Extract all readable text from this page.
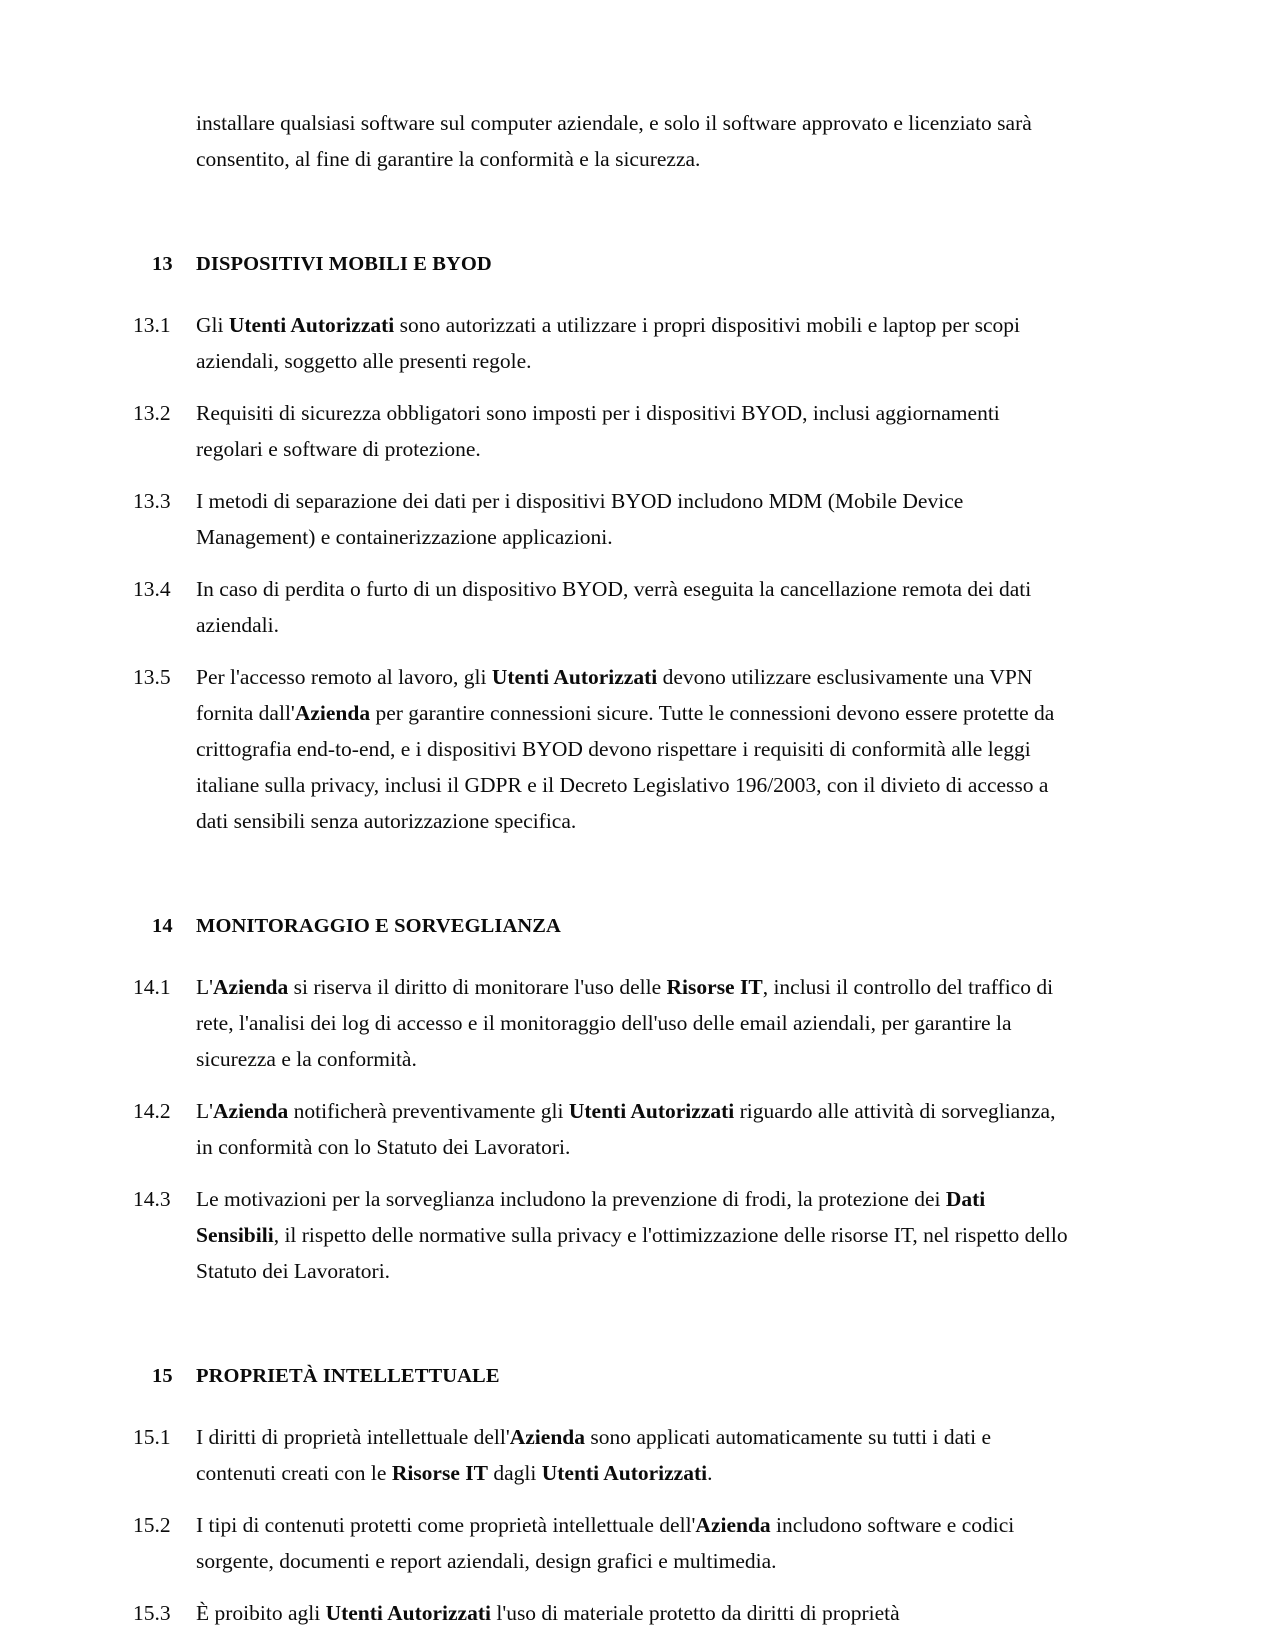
installare qualsiasi software sul computer aziendale, e solo il software approvato e licenziato sarà consentito, al fine di garantire la conformità e la sicurezza.

13	DISPOSITIVI MOBILI E BYOD
13.1	Gli Utenti Autorizzati sono autorizzati a utilizzare i propri dispositivi mobili e laptop per scopi aziendali, soggetto alle presenti regole.
13.2	Requisiti di sicurezza obbligatori sono imposti per i dispositivi BYOD, inclusi aggiornamenti regolari e software di protezione.
13.3	I metodi di separazione dei dati per i dispositivi BYOD includono MDM (Mobile Device Management) e containerizzazione applicazioni.
13.4	In caso di perdita o furto di un dispositivo BYOD, verrà eseguita la cancellazione remota dei dati aziendali.
13.5	Per l'accesso remoto al lavoro, gli Utenti Autorizzati devono utilizzare esclusivamente una VPN fornita dall'Azienda per garantire connessioni sicure. Tutte le connessioni devono essere protette da crittografia end-to-end, e i dispositivi BYOD devono rispettare i requisiti di conformità alle leggi italiane sulla privacy, inclusi il GDPR e il Decreto Legislativo 196/2003, con il divieto di accesso a dati sensibili senza autorizzazione specifica.
14	MONITORAGGIO E SORVEGLIANZA
14.1	L'Azienda si riserva il diritto di monitorare l'uso delle Risorse IT, inclusi il controllo del traffico di rete, l'analisi dei log di accesso e il monitoraggio dell'uso delle email aziendali, per garantire la sicurezza e la conformità.
14.2	L'Azienda notificherà preventivamente gli Utenti Autorizzati riguardo alle attività di sorveglianza, in conformità con lo Statuto dei Lavoratori.
14.3	Le motivazioni per la sorveglianza includono la prevenzione di frodi, la protezione dei Dati Sensibili, il rispetto delle normative sulla privacy e l'ottimizzazione delle risorse IT, nel rispetto dello Statuto dei Lavoratori.
15	PROPRIETÀ INTELLETTUALE
15.1	I diritti di proprietà intellettuale dell'Azienda sono applicati automaticamente su tutti i dati e contenuti creati con le Risorse IT dagli Utenti Autorizzati.
15.2	I tipi di contenuti protetti come proprietà intellettuale dell'Azienda includono software e codici sorgente, documenti e report aziendali, design grafici e multimedia.
15.3	È proibito agli Utenti Autorizzati l'uso di materiale protetto da diritti di proprietà
